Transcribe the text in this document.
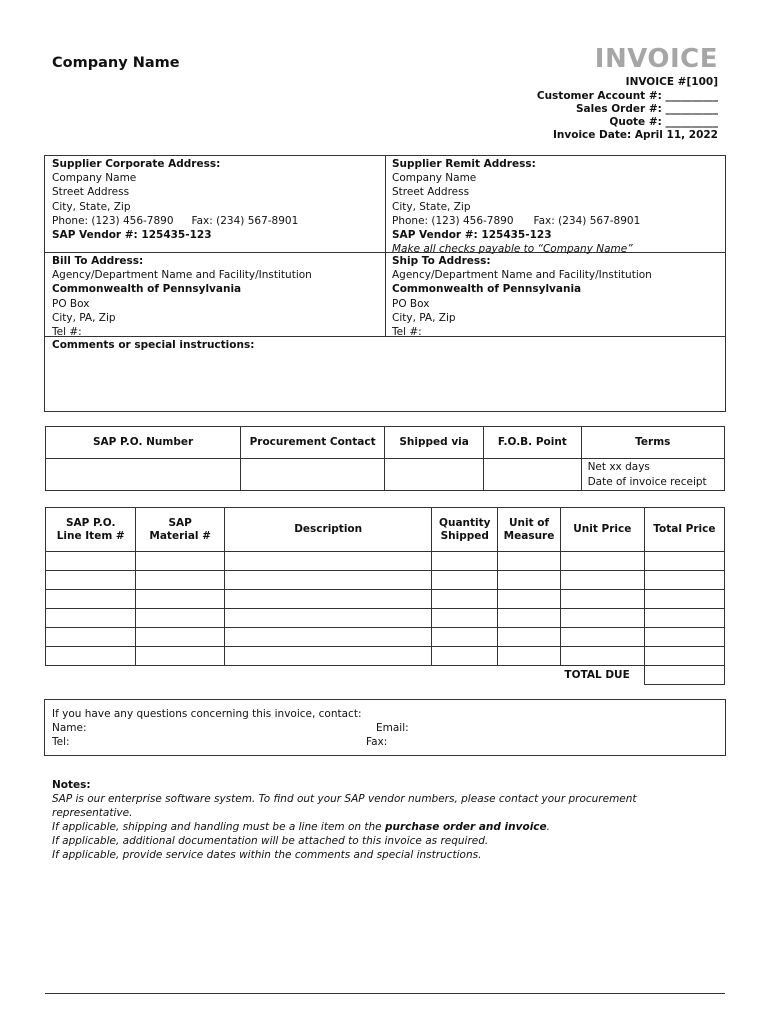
Company Name	INVOICE
INVOICE #[100]
Customer Account #: __________
Sales Order #: __________
Quote #: __________
Invoice Date: April 11, 2022
Supplier Corporate Address:
Company Name
Street Address
City, State, Zip
Phone: (123) 456-7890 Fax: (234) 567-8901
SAP Vendor #: 125435-123
Supplier Remit Address:
Company Name
Street Address
City, State, Zip
Phone: (123) 456-7890 Fax: (234) 567-8901
SAP Vendor #: 125435-123
Make all checks payable to “Company Name”
Bill To Address:
Agency/Department Name and Facility/Institution
Commonwealth of Pennsylvania
PO Box
City, PA, Zip
Tel #:
Ship To Address:
Agency/Department Name and Facility/Institution
Commonwealth of Pennsylvania
PO Box
City, PA, Zip
Tel #:
Comments or special instructions:
SAP P.O. Number	Procurement Contact	Shipped via	F.O.B. Point	Terms

				Net xx days
Date of invoice receipt
SAP P.O. Line Item #	SAP Material #	Description	Quantity Shipped	Unit of Measure	Unit Price	Total Price

TOTAL DUE						
If you have any questions concerning this invoice, contact:
Name:	Email:
Tel:	Fax:
Notes:
SAP is our enterprise software system. To find out your SAP vendor numbers, please contact your procurement representative.
If applicable, shipping and handling must be a line item on the purchase order and invoice.
If applicable, additional documentation will be attached to this invoice as required.
If applicable, provide service dates within the comments and special instructions.
